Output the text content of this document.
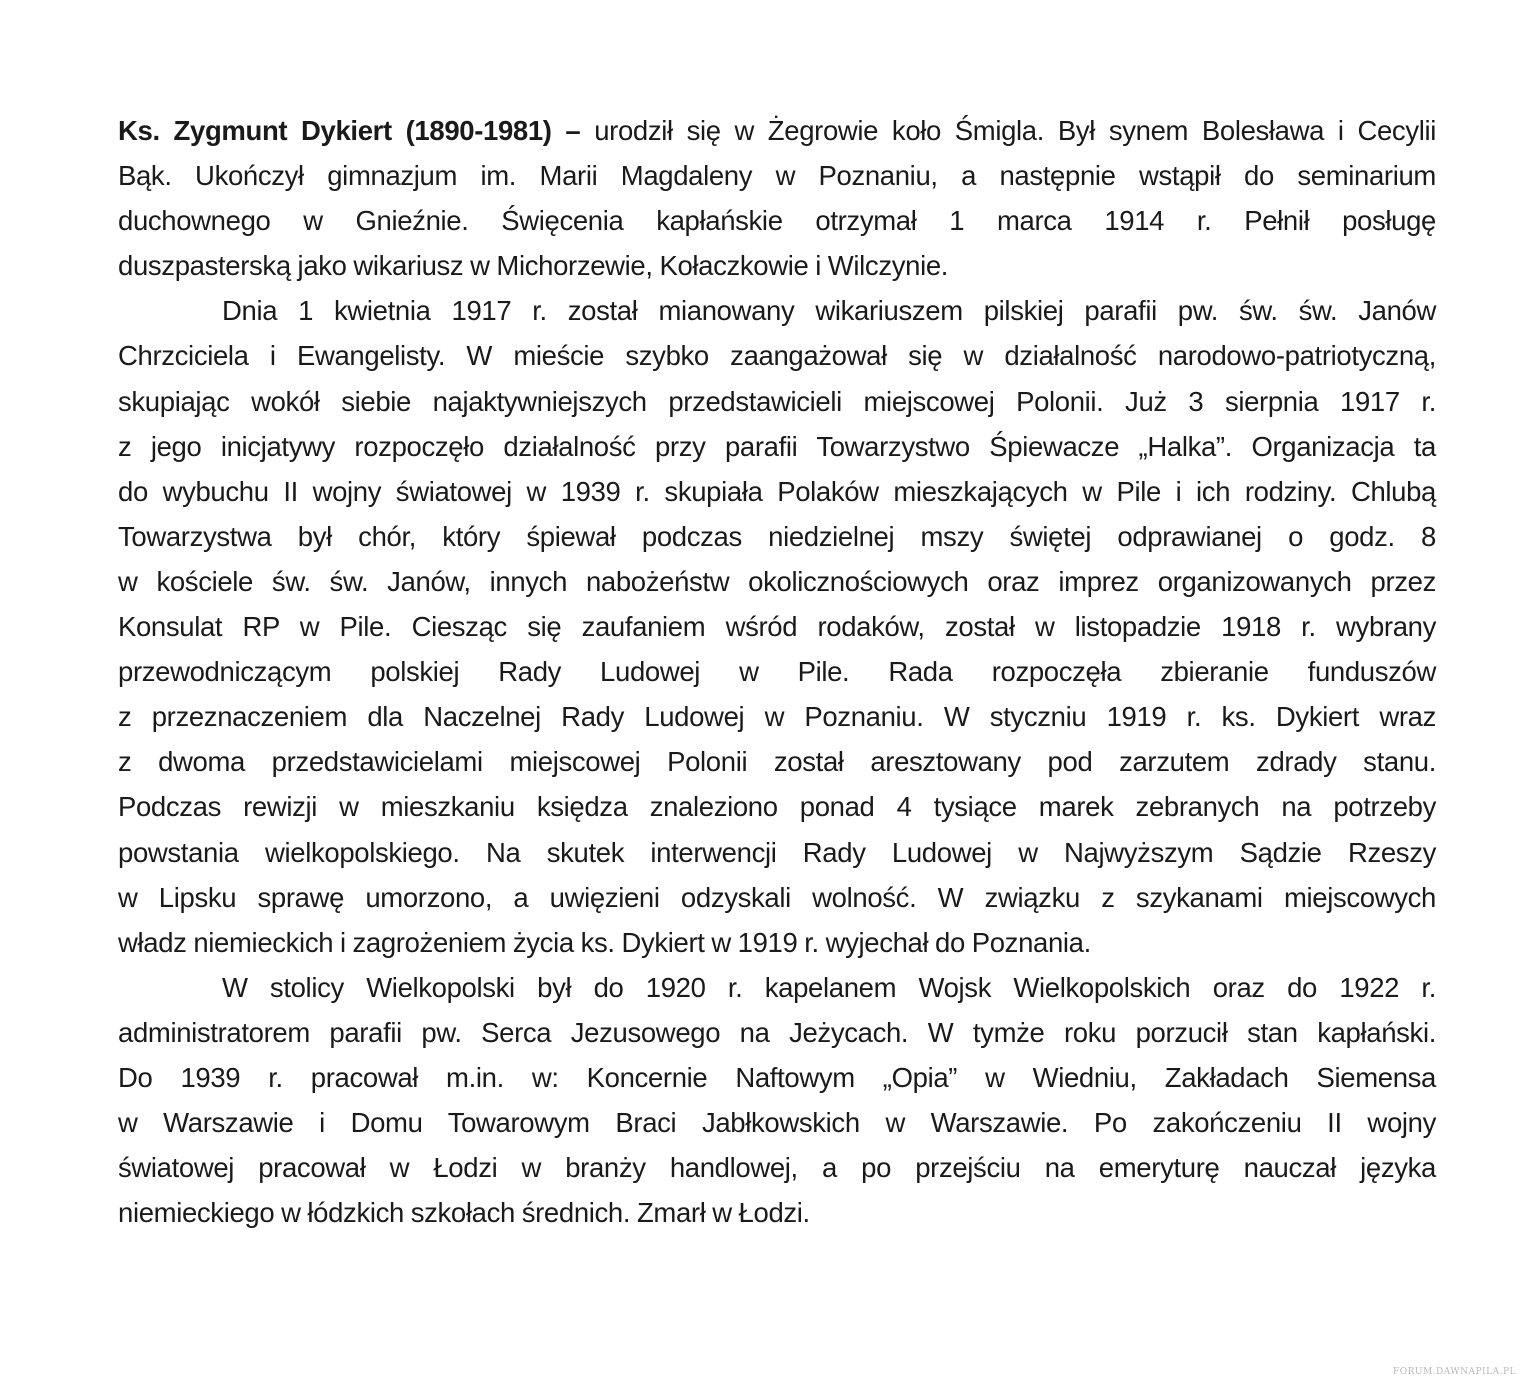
Ks. Zygmunt Dykiert (1890-1981) – urodził się w Żegrowie koło Śmigla. Był synem Bolesława i Cecylii
Bąk. Ukończył gimnazjum im. Marii Magdaleny w Poznaniu, a następnie wstąpił do seminarium
duchownego w Gnieźnie. Święcenia kapłańskie otrzymał 1 marca 1914 r. Pełnił posługę
duszpasterską jako wikariusz w Michorzewie, Kołaczkowie i Wilczynie.
Dnia 1 kwietnia 1917 r. został mianowany wikariuszem pilskiej parafii pw. św. św. Janów
Chrzciciela i Ewangelisty. W mieście szybko zaangażował się w działalność narodowo-patriotyczną,
skupiając wokół siebie najaktywniejszych przedstawicieli miejscowej Polonii. Już 3 sierpnia 1917 r.
z jego inicjatywy rozpoczęło działalność przy parafii Towarzystwo Śpiewacze „Halka”. Organizacja ta
do wybuchu II wojny światowej w 1939 r. skupiała Polaków mieszkających w Pile i ich rodziny. Chlubą
Towarzystwa był chór, który śpiewał podczas niedzielnej mszy świętej odprawianej o godz. 8
w kościele św. św. Janów, innych nabożeństw okolicznościowych oraz imprez organizowanych przez
Konsulat RP w Pile. Ciesząc się zaufaniem wśród rodaków, został w listopadzie 1918 r. wybrany
przewodniczącym polskiej Rady Ludowej w Pile. Rada rozpoczęła zbieranie funduszów
z przeznaczeniem dla Naczelnej Rady Ludowej w Poznaniu. W styczniu 1919 r. ks. Dykiert wraz
z dwoma przedstawicielami miejscowej Polonii został aresztowany pod zarzutem zdrady stanu.
Podczas rewizji w mieszkaniu księdza znaleziono ponad 4 tysiące marek zebranych na potrzeby
powstania wielkopolskiego. Na skutek interwencji Rady Ludowej w Najwyższym Sądzie Rzeszy
w Lipsku sprawę umorzono, a uwięzieni odzyskali wolność. W związku z szykanami miejscowych
władz niemieckich i zagrożeniem życia ks. Dykiert w 1919 r. wyjechał do Poznania.
W stolicy Wielkopolski był do 1920 r. kapelanem Wojsk Wielkopolskich oraz do 1922 r.
administratorem parafii pw. Serca Jezusowego na Jeżycach. W tymże roku porzucił stan kapłański.
Do 1939 r. pracował m.in. w: Koncernie Naftowym „Opia” w Wiedniu, Zakładach Siemensa
w Warszawie i Domu Towarowym Braci Jabłkowskich w Warszawie. Po zakończeniu II wojny
światowej pracował w Łodzi w branży handlowej, a po przejściu na emeryturę nauczał języka
niemieckiego w łódzkich szkołach średnich. Zmarł w Łodzi.
FORUM.DAWNAPILA.PL
